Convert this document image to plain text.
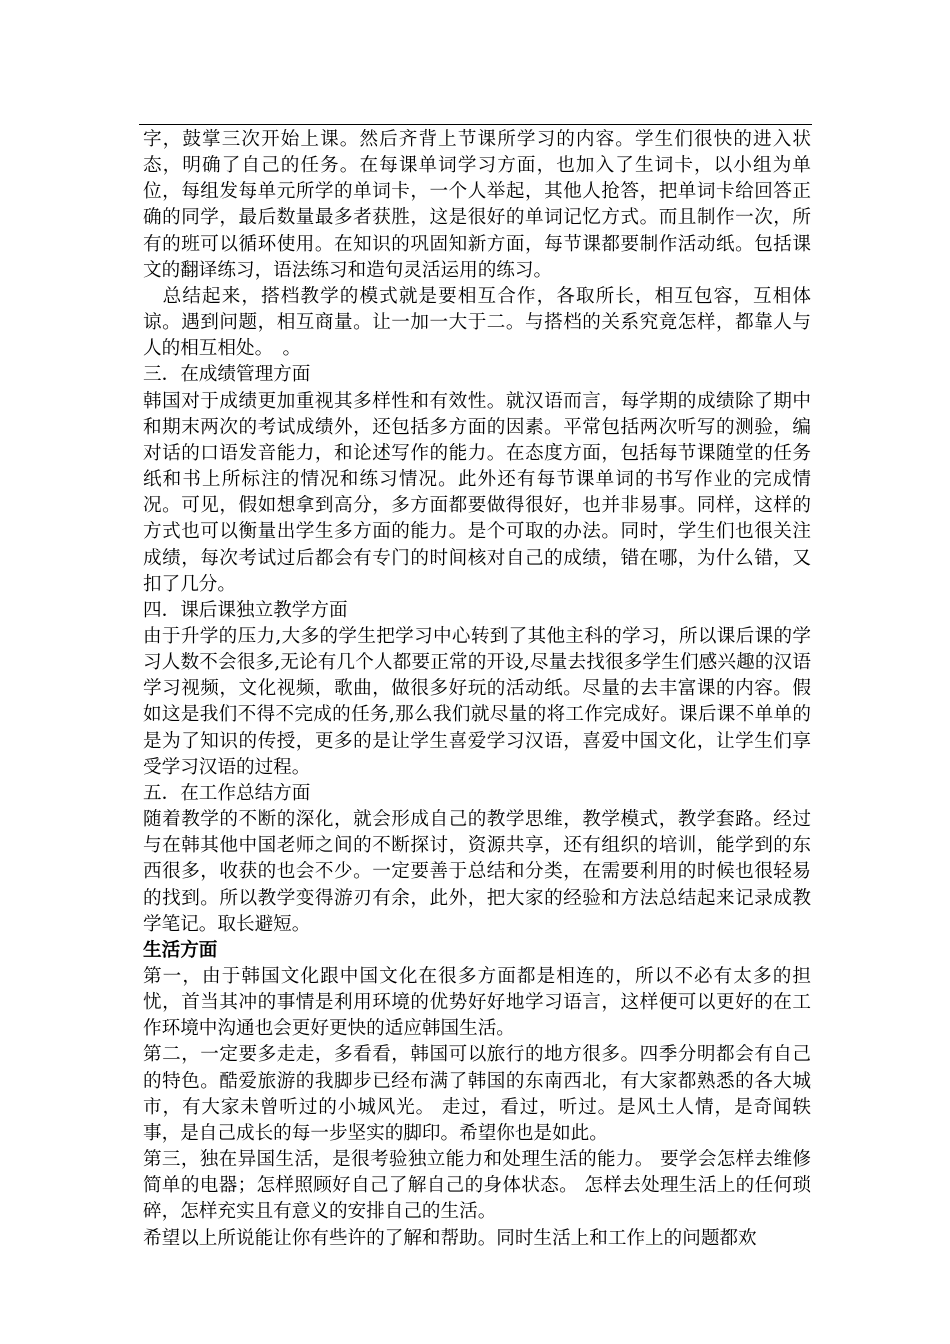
字，鼓掌三次开始上课。然后齐背上节课所学习的内容。学生们很快的进入状态，明确了自己的任务。在每课单词学习方面，也加入了生词卡，以小组为单位，每组发每单元所学的单词卡，一个人举起，其他人抢答，把单词卡给回答正确的同学，最后数量最多者获胜，这是很好的单词记忆方式。而且制作一次，所有的班可以循环使用。在知识的巩固知新方面，每节课都要制作活动纸。包括课文的翻译练习，语法练习和造句灵活运用的练习。

　总结起来，搭档教学的模式就是要相互合作，各取所长，相互包容，互相体谅。遇到问题，相互商量。让一加一大于二。与搭档的关系究竟怎样，都靠人与人的相互相处。　。

三．在成绩管理方面

韩国对于成绩更加重视其多样性和有效性。就汉语而言，每学期的成绩除了期中和期末两次的考试成绩外，还包括多方面的因素。平常包括两次听写的测验，编对话的口语发音能力，和论述写作的能力。在态度方面，包括每节课随堂的任务纸和书上所标注的情况和练习情况。此外还有每节课单词的书写作业的完成情况。可见，假如想拿到高分，多方面都要做得很好，也并非易事。同样，这样的方式也可以衡量出学生多方面的能力。是个可取的办法。同时，学生们也很关注成绩，每次考试过后都会有专门的时间核对自己的成绩，错在哪，为什么错，又扣了几分。

四．课后课独立教学方面

由于升学的压力,大多的学生把学习中心转到了其他主科的学习，所以课后课的学习人数不会很多,无论有几个人都要正常的开设,尽量去找很多学生们感兴趣的汉语学习视频，文化视频，歌曲，做很多好玩的活动纸。尽量的去丰富课的内容。假如这是我们不得不完成的任务,那么我们就尽量的将工作完成好。课后课不单单的是为了知识的传授，更多的是让学生喜爱学习汉语，喜爱中国文化，让学生们享受学习汉语的过程。

五．在工作总结方面

随着教学的不断的深化，就会形成自己的教学思维，教学模式，教学套路。经过与在韩其他中国老师之间的不断探讨，资源共享，还有组织的培训，能学到的东西很多，收获的也会不少。一定要善于总结和分类，在需要利用的时候也很轻易的找到。所以教学变得游刃有余，此外，把大家的经验和方法总结起来记录成教学笔记。取长避短。

生活方面

第一，由于韩国文化跟中国文化在很多方面都是相连的，所以不必有太多的担忧，首当其冲的事情是利用环境的优势好好地学习语言，这样便可以更好的在工作环境中沟通也会更好更快的适应韩国生活。

第二，一定要多走走，多看看，韩国可以旅行的地方很多。四季分明都会有自己的特色。酷爱旅游的我脚步已经布满了韩国的东南西北，有大家都熟悉的各大城市，有大家未曾听过的小城风光。 走过，看过，听过。是风土人情，是奇闻轶事，是自己成长的每一步坚实的脚印。希望你也是如此。

第三，独在异国生活，是很考验独立能力和处理生活的能力。 要学会怎样去维修简单的电器；怎样照顾好自己了解自己的身体状态。 怎样去处理生活上的任何琐碎，怎样充实且有意义的安排自己的生活。

希望以上所说能让你有些许的了解和帮助。同时生活上和工作上的问题都欢
